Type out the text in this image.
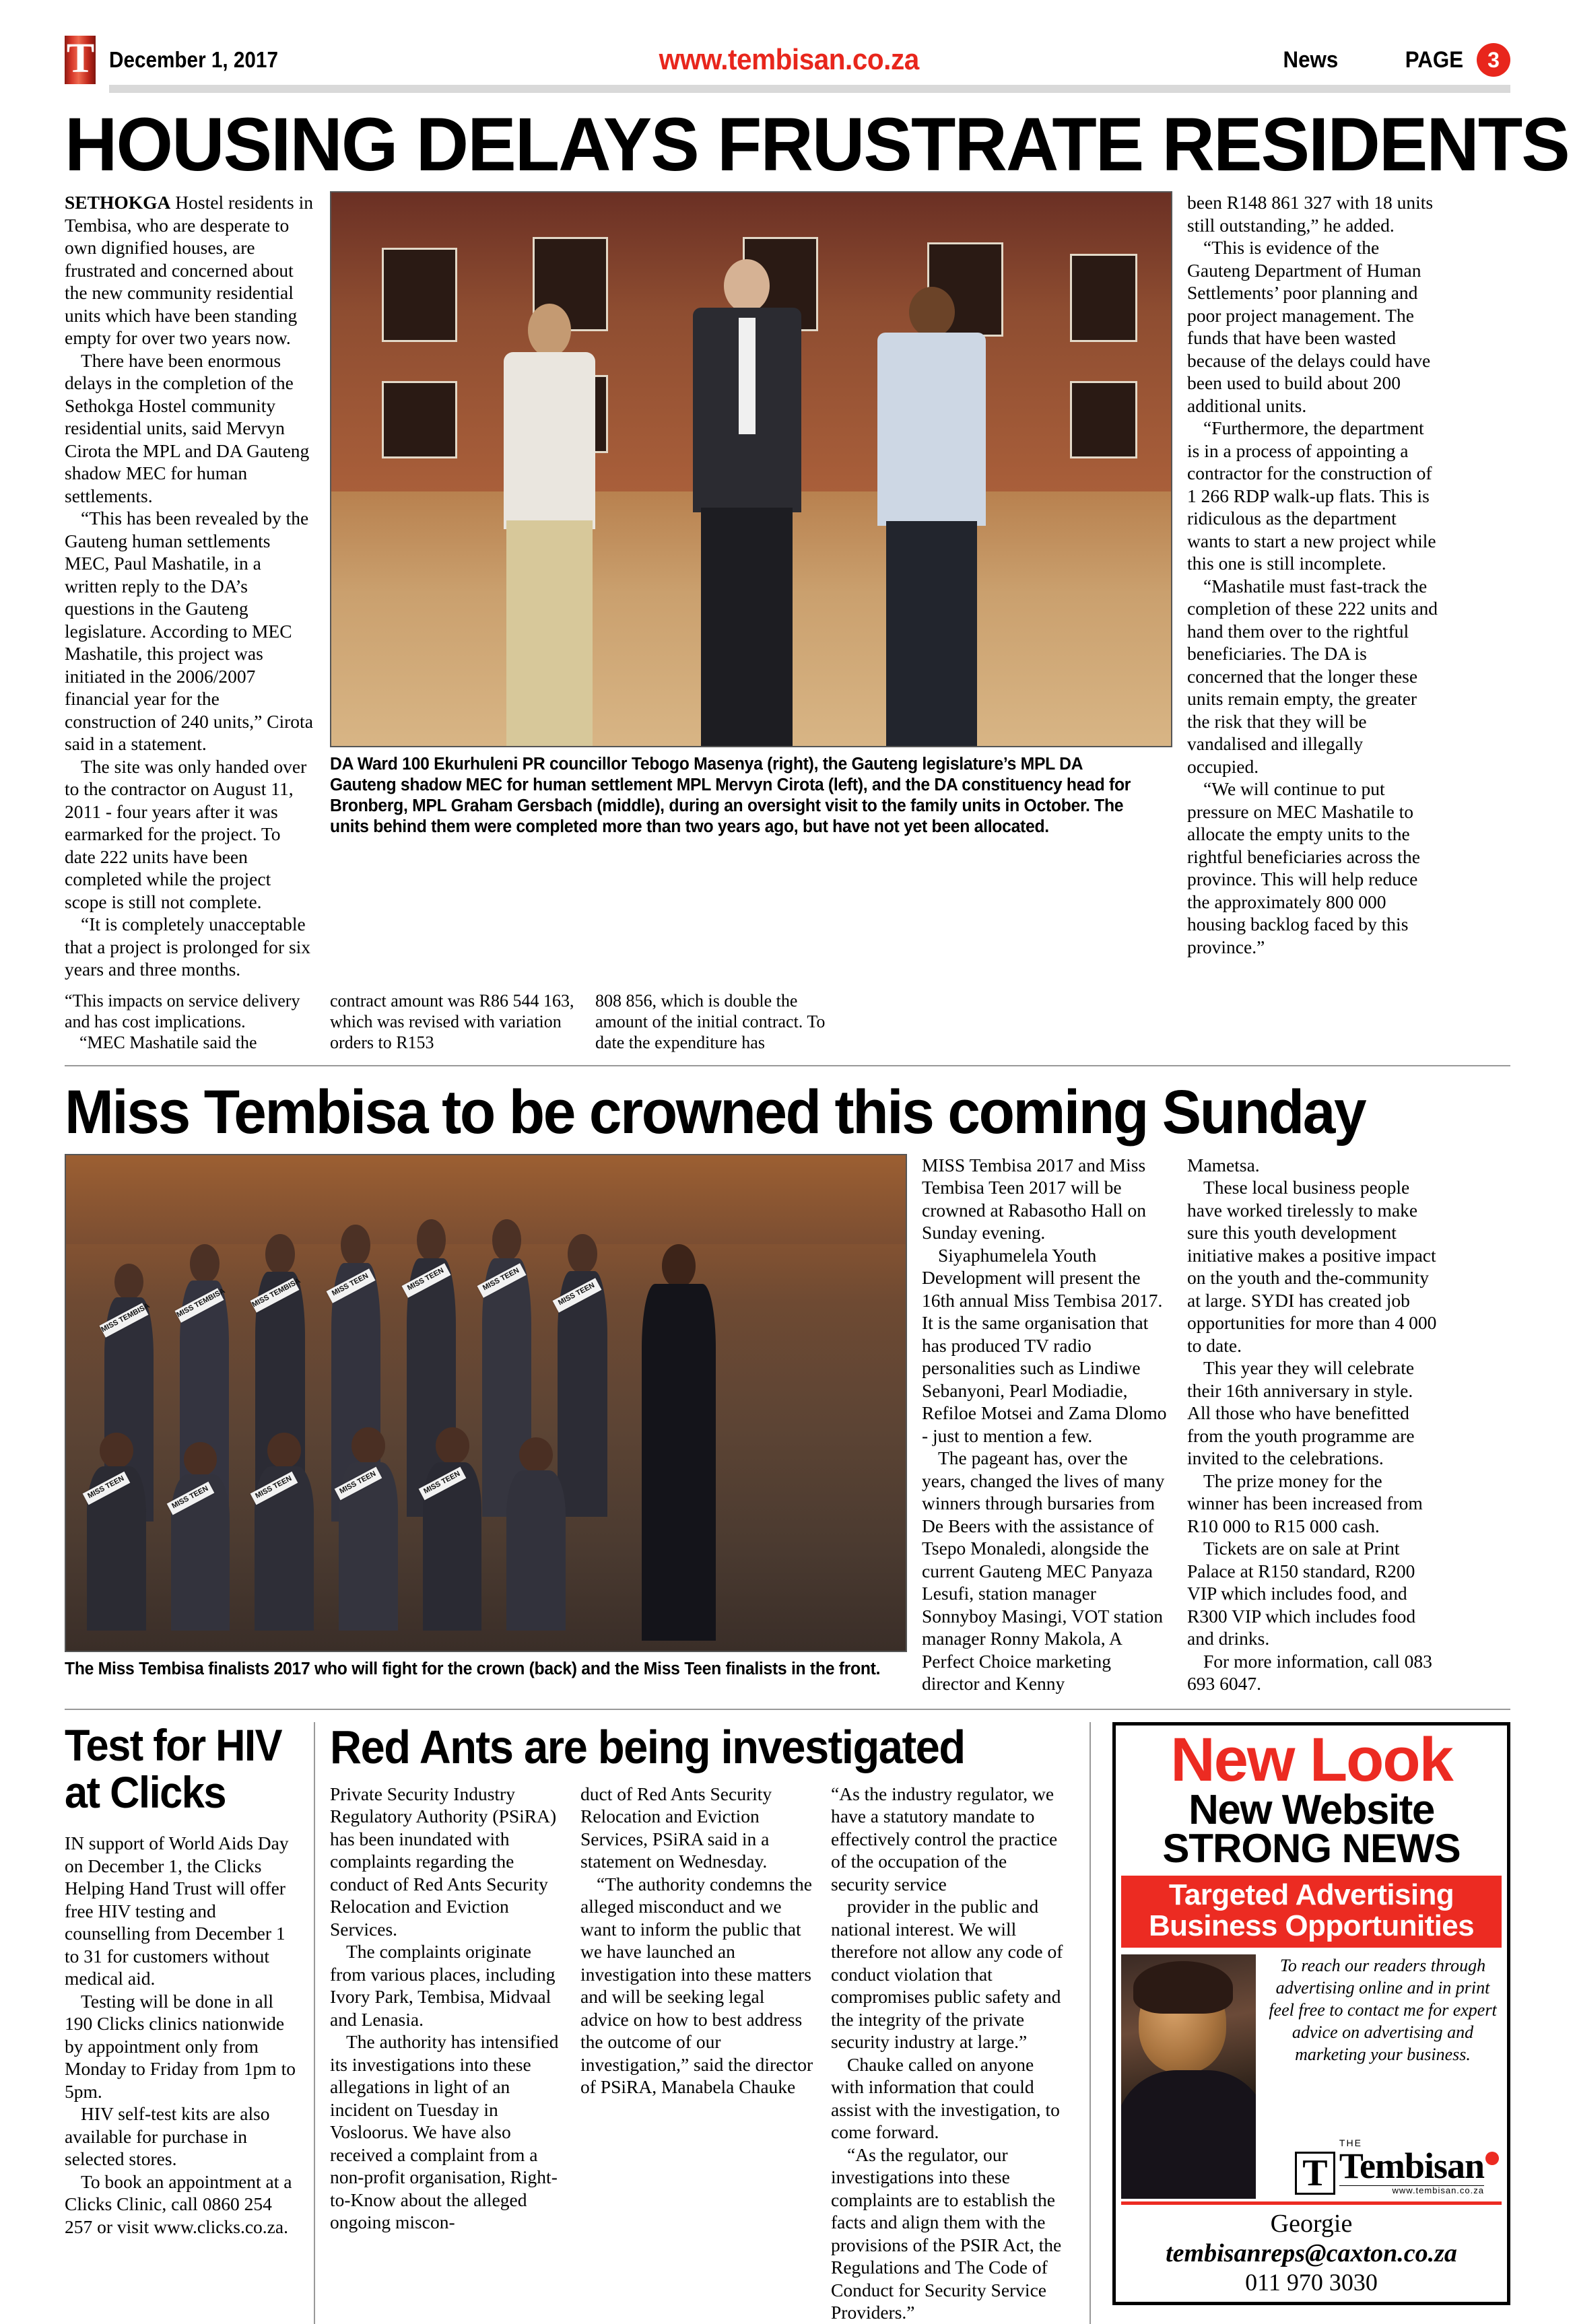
T December 1, 2017	www.tembisan.co.za	News	PAGE	3
HOUSING DELAYS FRUSTRATE RESIDENTS

SETHOKGA Hostel residents in Tembisa, who are desperate to own dignified houses, are frustrated and concerned about the new community residential units which have been standing empty for over two years now.

There have been enormous delays in the completion of the Sethokga Hostel community residential units, said Mervyn Cirota the MPL and DA Gauteng shadow MEC for human settlements.

“This has been revealed by the Gauteng human settlements MEC, Paul Mashatile, in a written reply to the DA’s questions in the Gauteng legislature. According to MEC Mashatile, this project was initiated in the 2006/2007 financial year for the construction of 240 units,” Cirota said in a statement.

The site was only handed over to the contractor on August 11, 2011 - four years after it was earmarked for the project. To date 222 units have been completed while the project scope is still not complete.

“It is completely unacceptable that a project is prolonged for six years and three months.

DA Ward 100 Ekurhuleni PR councillor Tebogo Masenya (right), the Gauteng legislature’s MPL DA Gauteng shadow MEC for human settlement MPL Mervyn Cirota (left), and the DA constituency head for Bronberg, MPL Graham Gersbach (middle), during an oversight visit to the family units in October. The units behind them were completed more than two years ago, but have not yet been allocated.

been R148 861 327 with 18 units still outstanding,” he added.

“This is evidence of the Gauteng Department of Human Settlements’ poor planning and poor project management. The funds that have been wasted because of the delays could have been used to build about 200 additional units.

“Furthermore, the department is in a process of appointing a contractor for the construction of 1 266 RDP walk-up flats. This is ridiculous as the department wants to start a new project while this one is still incomplete.

“Mashatile must fast-track the completion of these 222 units and hand them over to the rightful beneficiaries. The DA is concerned that the longer these units remain empty, the greater the risk that they will be vandalised and illegally occupied.

“We will continue to put pressure on MEC Mashatile to allocate the empty units to the rightful beneficiaries across the province. This will help reduce the approximately 800 000 housing backlog faced by this province.”

“This impacts on service delivery and has cost implications.

“MEC Mashatile said the

contract amount was R86 544 163, which was revised with variation orders to R153

808 856, which is double the amount of the initial contract. To date the expenditure has

Miss Tembisa to be crowned this coming Sunday
MISS TEMBISA	MISS TEMBISA	MISS TEMBISA	MISS TEEN	MISS TEEN	MISS TEEN
MISS TEEN
MISS TEEN	MISS TEEN	MISS TEEN	MISS TEEN	MISS TEEN
The Miss Tembisa finalists 2017 who will fight for the crown (back) and the Miss Teen finalists in the front.

MISS Tembisa 2017 and Miss Tembisa Teen 2017 will be crowned at Rabasotho Hall on Sunday evening.

Siyaphumelela Youth Development will present the 16th annual Miss Tembisa 2017. It is the same organisation that has produced TV radio personalities such as Lindiwe Sebanyoni, Pearl Modiadie, Refiloe Motsei and Zama Dlomo - just to mention a few.

The pageant has, over the years, changed the lives of many winners through bursaries from De Beers with the assistance of Tsepo Monaledi, alongside the current Gauteng MEC Panyaza Lesufi, station manager Sonnyboy Masingi, VOT station manager Ronny Makola, A Perfect Choice marketing director and Kenny

Mametsa.

These local business people have worked tirelessly to make sure this youth development initiative makes a positive impact on the youth and the-community at large. SYDI has created job opportunities for more than 4 000 to date.

This year they will celebrate their 16th anniversary in style. All those who have benefitted from the youth programme are invited to the celebrations.

The prize money for the winner has been increased from R10 000 to R15 000 cash.

Tickets are on sale at Print Palace at R150 standard, R200 VIP which includes food, and R300 VIP which includes food and drinks.

For more information, call 083 693 6047.

Test for HIV
at Clicks

IN support of World Aids Day on December 1, the Clicks Helping Hand Trust will offer free HIV testing and counselling from December 1 to 31 for customers without medical aid.

Testing will be done in all 190 Clicks clinics nationwide by appointment only from Monday to Friday from 1pm to 5pm.

HIV self-test kits are also available for purchase in selected stores.

To book an appointment at a Clicks Clinic, call 0860 254 257 or visit www.clicks.co.za.

Red Ants are being investigated

Private Security Industry Regulatory Authority (PSiRA) has been inundated with complaints regarding the conduct of Red Ants Security Relocation and Eviction Services.

The complaints originate from various places, including Ivory Park, Tembisa, Midvaal and Lenasia.

The authority has intensified its investigations into these allegations in light of an incident on Tuesday in Vosloorus. We have also received a complaint from a non-profit organisation, Right-to-Know about the alleged ongoing miscon-

duct of Red Ants Security Relocation and Eviction Services, PSiRA said in a statement on Wednesday.

“The authority condemns the alleged misconduct and we want to inform the public that we have launched an investigation into these matters and will be seeking legal advice on how to best address the outcome of our investigation,” said the director of PSiRA, Manabela Chauke

“As the industry regulator, we have a statutory mandate to effectively control the practice of the occupation of the security service

provider in the public and national interest. We will therefore not allow any code of conduct violation that compromises public safety and the integrity of the private security industry at large.”

Chauke called on anyone with information that could assist with the investigation, to come forward.

“As the regulator, our investigations into these complaints are to establish the facts and align them with the provisions of the PSIR Act, the Regulations and The Code of Conduct for Security Service Providers.”

New Look
New Website
STRONG NEWS
Targeted Advertising
Business Opportunities

To reach our readers through advertising online and in print feel free to contact me for expert advice on advertising and marketing your business.

T
THE
Tembisan
www.tembisan.co.za
Georgie
tembisanreps@caxton.co.za
011 970 3030
